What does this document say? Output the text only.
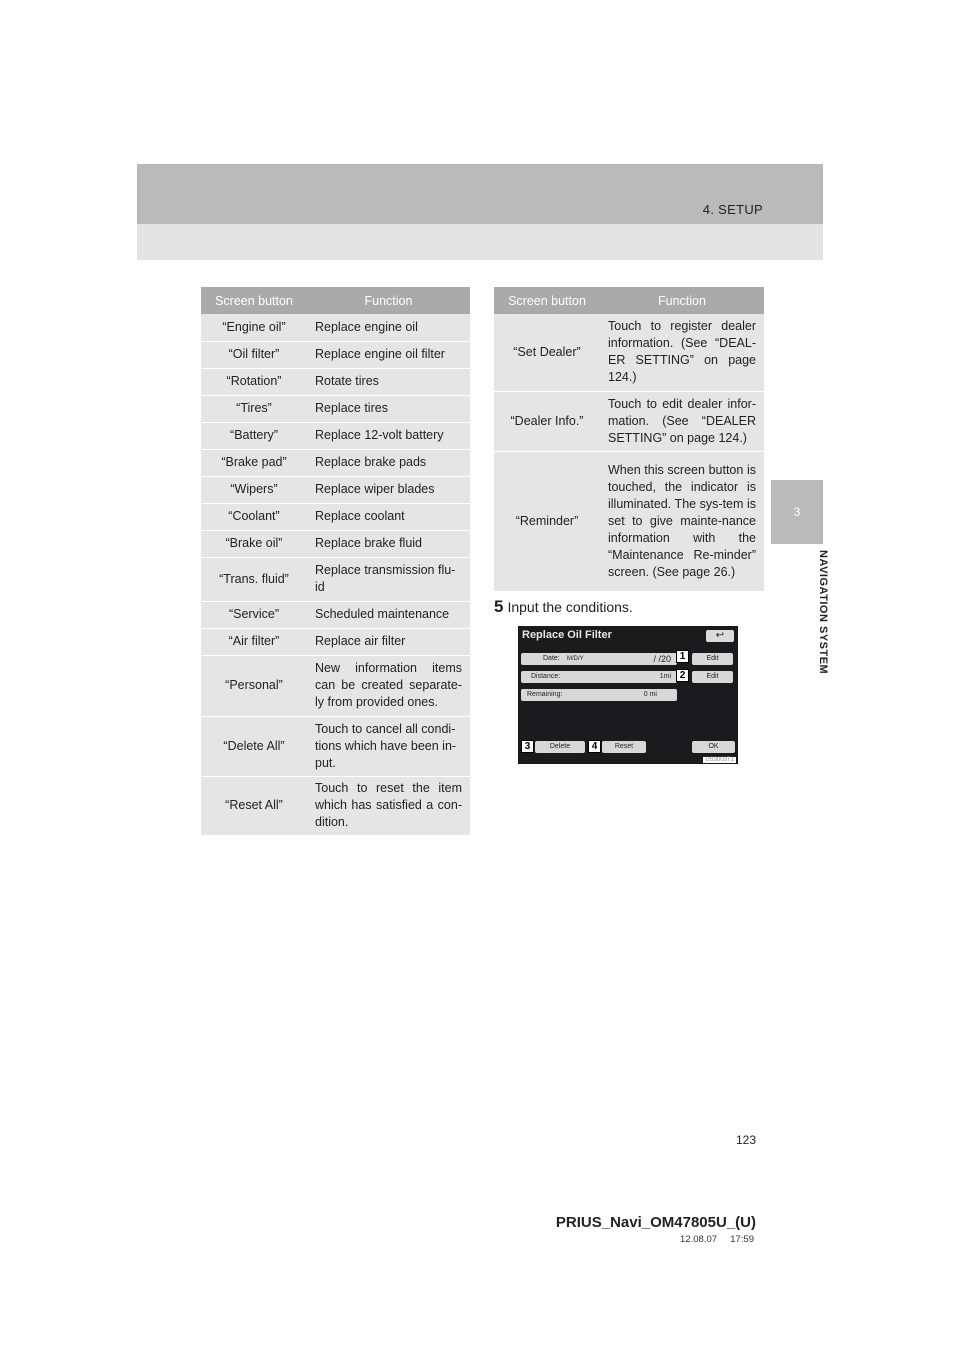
4. SETUP
3
NAVIGATION SYSTEM
Screen button	Function
“Engine oil”	Replace engine oil
“Oil filter”	Replace engine oil filter
“Rotation”	Rotate tires
“Tires”	Replace tires
“Battery”	Replace 12-volt battery
“Brake pad”	Replace brake pads
“Wipers”	Replace wiper blades
“Coolant”	Replace coolant
“Brake oil”	Replace brake fluid
“Trans. fluid”	Replace transmission flu-id
“Service”	Scheduled maintenance
“Air filter”	Replace air filter
“Personal”	New information items can be created separate-ly from provided ones.
“Delete All”	Touch to cancel all condi-tions which have been in-put.
“Reset All”	Touch to reset the item which has satisfied a con-dition.
Screen button	Function
“Set Dealer”	Touch to register dealer information. (See “DEAL-ER SETTING” on page 124.)
“Dealer Info.”	Touch to edit dealer infor-mation. (See “DEALER SETTING” on page 124.)
“Reminder”	When this screen button is touched, the indicator is illuminated. The sys-tem is set to give mainte-nance information with the “Maintenance Re-minder” screen. (See page 26.)
5 Input the conditions.
Replace Oil Filter	↩
Date: M/D/Y	/ /20 1	Edit
Distance:	1mi 2	Edit
Remaining:	0 mi
3	Delete	4	Reset	OK
US3003T1
123
PRIUS_Navi_OM47805U_(U)
12.08.07     17:59
